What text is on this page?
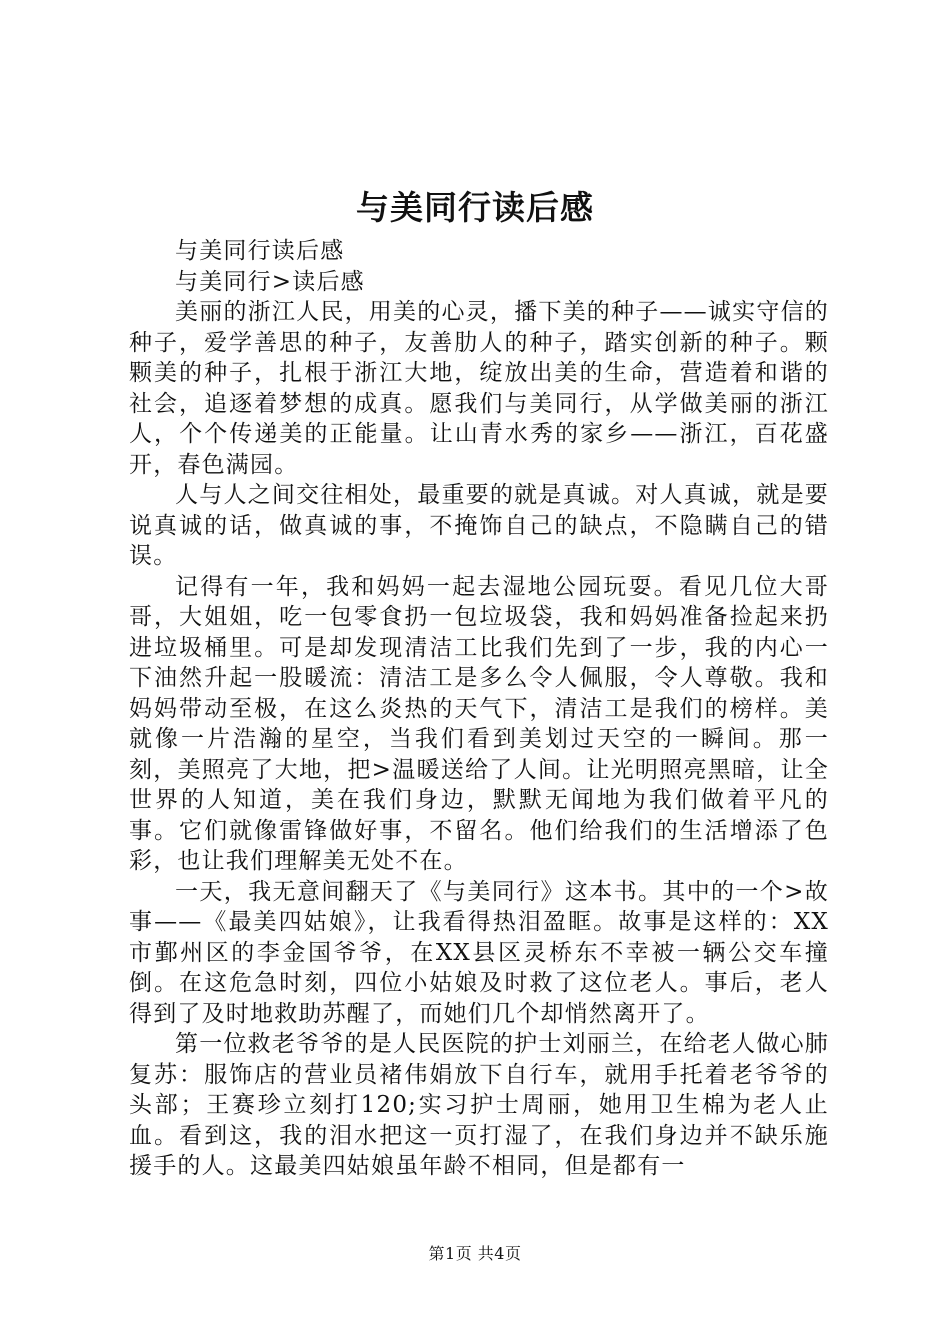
与美同行读后感

与美同行读后感

与美同行>读后感

美丽的浙江人民，用美的心灵，播下美的种子——诚实守信的种子，爱学善思的种子，友善肋人的种子，踏实创新的种子。颗颗美的种子，扎根于浙江大地，绽放出美的生命，营造着和谐的社会，追逐着梦想的成真。愿我们与美同行，从学做美丽的浙江人，个个传递美的正能量。让山青水秀的家乡——浙江，百花盛开，春色满园。

人与人之间交往相处，最重要的就是真诚。对人真诚，就是要说真诚的话，做真诚的事，不掩饰自己的缺点，不隐瞒自己的错误。

记得有一年，我和妈妈一起去湿地公园玩耍。看见几位大哥哥，大姐姐，吃一包零食扔一包垃圾袋，我和妈妈准备捡起来扔进垃圾桶里。可是却发现清洁工比我们先到了一步，我的内心一下油然升起一股暖流：清洁工是多么令人佩服，令人尊敬。我和妈妈带动至极，在这么炎热的天气下，清洁工是我们的榜样。美就像一片浩瀚的星空，当我们看到美划过天空的一瞬间。那一刻，美照亮了大地，把>温暖送给了人间。让光明照亮黑暗，让全世界的人知道，美在我们身边，默默无闻地为我们做着平凡的事。它们就像雷锋做好事，不留名。他们给我们的生活增添了色彩，也让我们理解美无处不在。

一天，我无意间翻天了《与美同行》这本书。其中的一个>故事——《最美四姑娘》，让我看得热泪盈眶。故事是这样的：XX市鄞州区的李金国爷爷，在XX县区灵桥东不幸被一辆公交车撞倒。在这危急时刻，四位小姑娘及时救了这位老人。事后，老人得到了及时地救助苏醒了，而她们几个却悄然离开了。

第一位救老爷爷的是人民医院的护士刘丽兰，在给老人做心肺复苏：服饰店的营业员褚伟娟放下自行车，就用手托着老爷爷的头部；王赛珍立刻打120;实习护士周丽，她用卫生棉为老人止血。看到这，我的泪水把这一页打湿了，在我们身边并不缺乐施援手的人。这最美四姑娘虽年龄不相同，但是都有一

第1页 共4页
